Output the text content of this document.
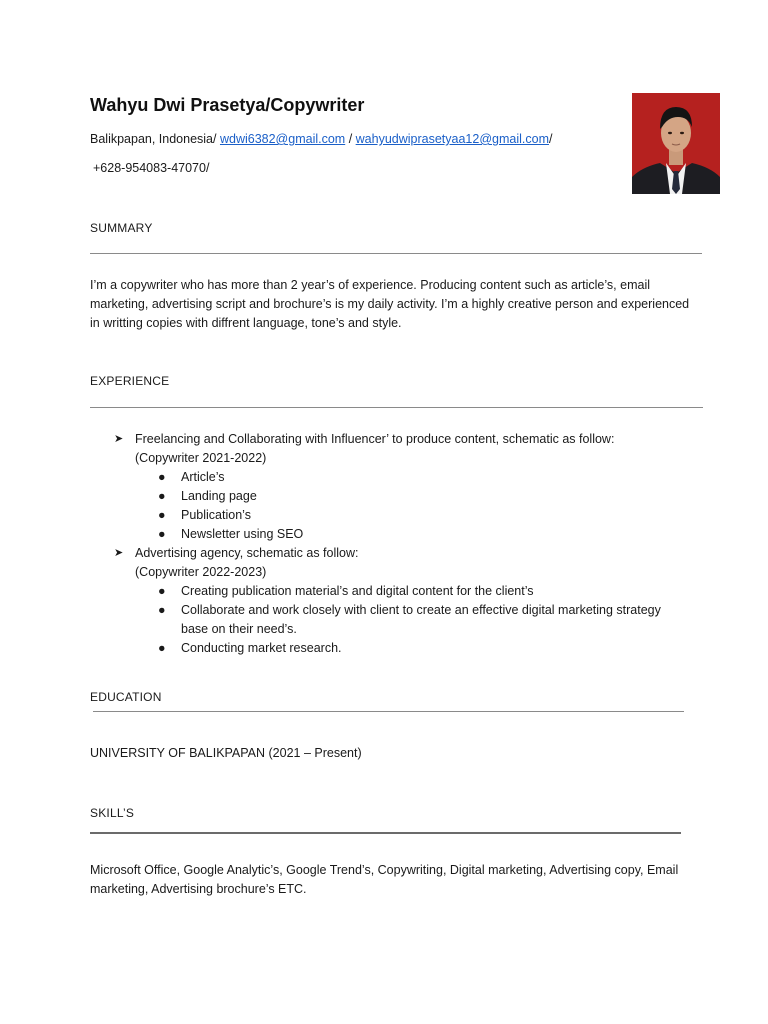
Wahyu Dwi Prasetya/Copywriter
Balikpapan, Indonesia/ wdwi6382@gmail.com / wahyudwiprasetyaa12@gmail.com/
+628-954083-47070/
SUMMARY
I’m a copywriter who has more than 2 year’s of experience. Producing content such as article’s, email marketing, advertising script and brochure’s is my daily activity. I’m a highly creative person and experienced in writting copies with diffrent language, tone’s and style.
EXPERIENCE
➤ Freelancing and Collaborating with Influencer’ to produce content, schematic as follow:
(Copywriter 2021-2022)
● Article’s
● Landing page
● Publication’s
● Newsletter using SEO
➤ Advertising agency, schematic as follow:
(Copywriter 2022-2023)
● Creating publication material’s and digital content for the client’s
● Collaborate and work closely with client to create an effective digital marketing strategy base on their need’s.
● Conducting market research.
EDUCATION
UNIVERSITY OF BALIKPAPAN (2021 – Present)
SKILL’S
Microsoft Office, Google Analytic’s, Google Trend’s, Copywriting, Digital marketing, Advertising copy, Email marketing, Advertising brochure’s ETC.
